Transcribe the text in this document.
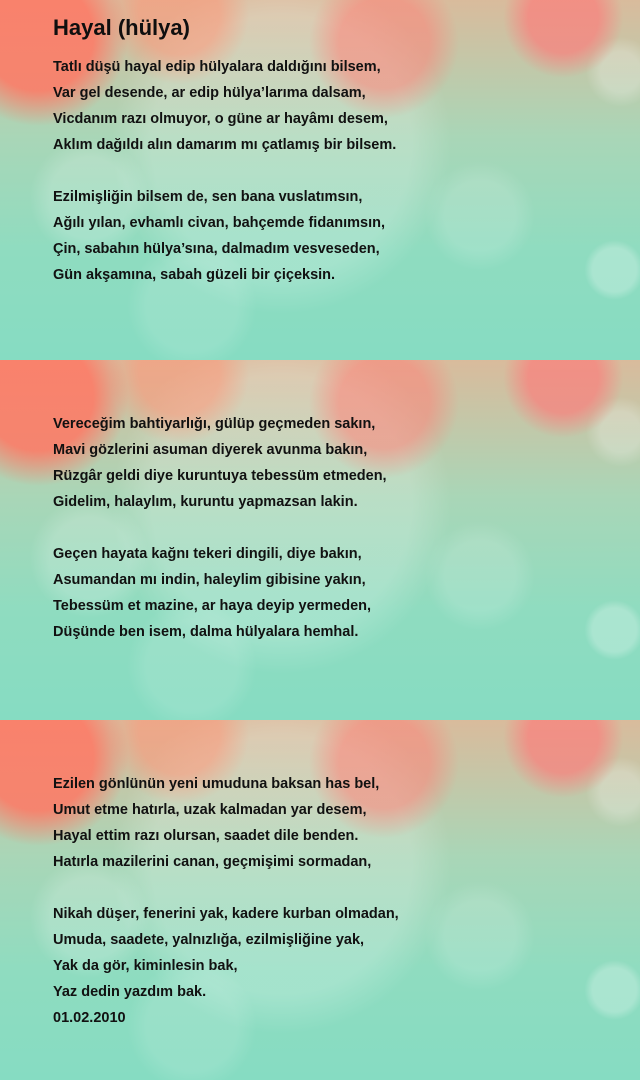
Hayal (hülya)
Tatlı düşü hayal edip hülyalara daldığını bilsem,
Var gel desende, ar edip hülya’larıma dalsam,
Vicdanım razı olmuyor, o güne ar hayâmı desem,
Aklım dağıldı alın damarım mı çatlamış bir bilsem.
Ezilmişliğin bilsem de, sen bana vuslatımsın,
Ağılı yılan, evhamlı civan, bahçemde fidanımsın,
Çin, sabahın hülya’sına, dalmadım vesveseden,
Gün akşamına, sabah güzeli bir çiçeksin.
Vereceğim bahtiyarlığı, gülüp geçmeden sakın,
Mavi gözlerini asuman diyerek avunma bakın,
Rüzgâr geldi diye kuruntuya tebessüm etmeden,
Gidelim, halaylım, kuruntu yapmazsan lakin.
Geçen hayata kağnı tekeri dingili, diye bakın,
Asumandan mı indin, haleylim gibisine yakın,
Tebessüm et mazine, ar haya deyip yermeden,
Düşünde ben isem, dalma hülyalara hemhal.
Ezilen gönlünün yeni umuduna baksan has bel,
Umut etme hatırla, uzak kalmadan yar desem,
Hayal ettim razı olursan, saadet dile benden.
Hatırla mazilerini canan, geçmişimi sormadan,
Nikah düşer, fenerini yak, kadere kurban olmadan,
Umuda, saadete, yalnızlığa, ezilmişliğine yak,
Yak da gör, kiminlesin bak,
Yaz dedin yazdım bak.
01.02.2010
